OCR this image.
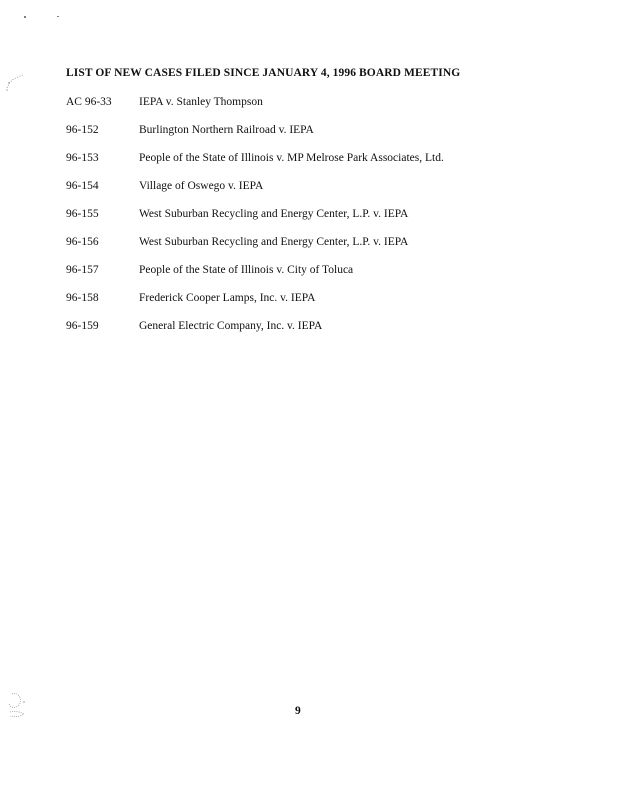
LIST OF NEW CASES FILED SINCE JANUARY 4, 1996 BOARD MEETING
AC 96-33	IEPA v. Stanley Thompson
96-152	Burlington Northern Railroad v. IEPA
96-153	People of the State of Illinois v. MP Melrose Park Associates, Ltd.
96-154	Village of Oswego v. IEPA
96-155	West Suburban Recycling and Energy Center, L.P. v. IEPA
96-156	West Suburban Recycling and Energy Center, L.P. v. IEPA
96-157	People of the State of Illinois v. City of Toluca
96-158	Frederick Cooper Lamps, Inc. v. IEPA
96-159	General Electric Company, Inc. v. IEPA
9
